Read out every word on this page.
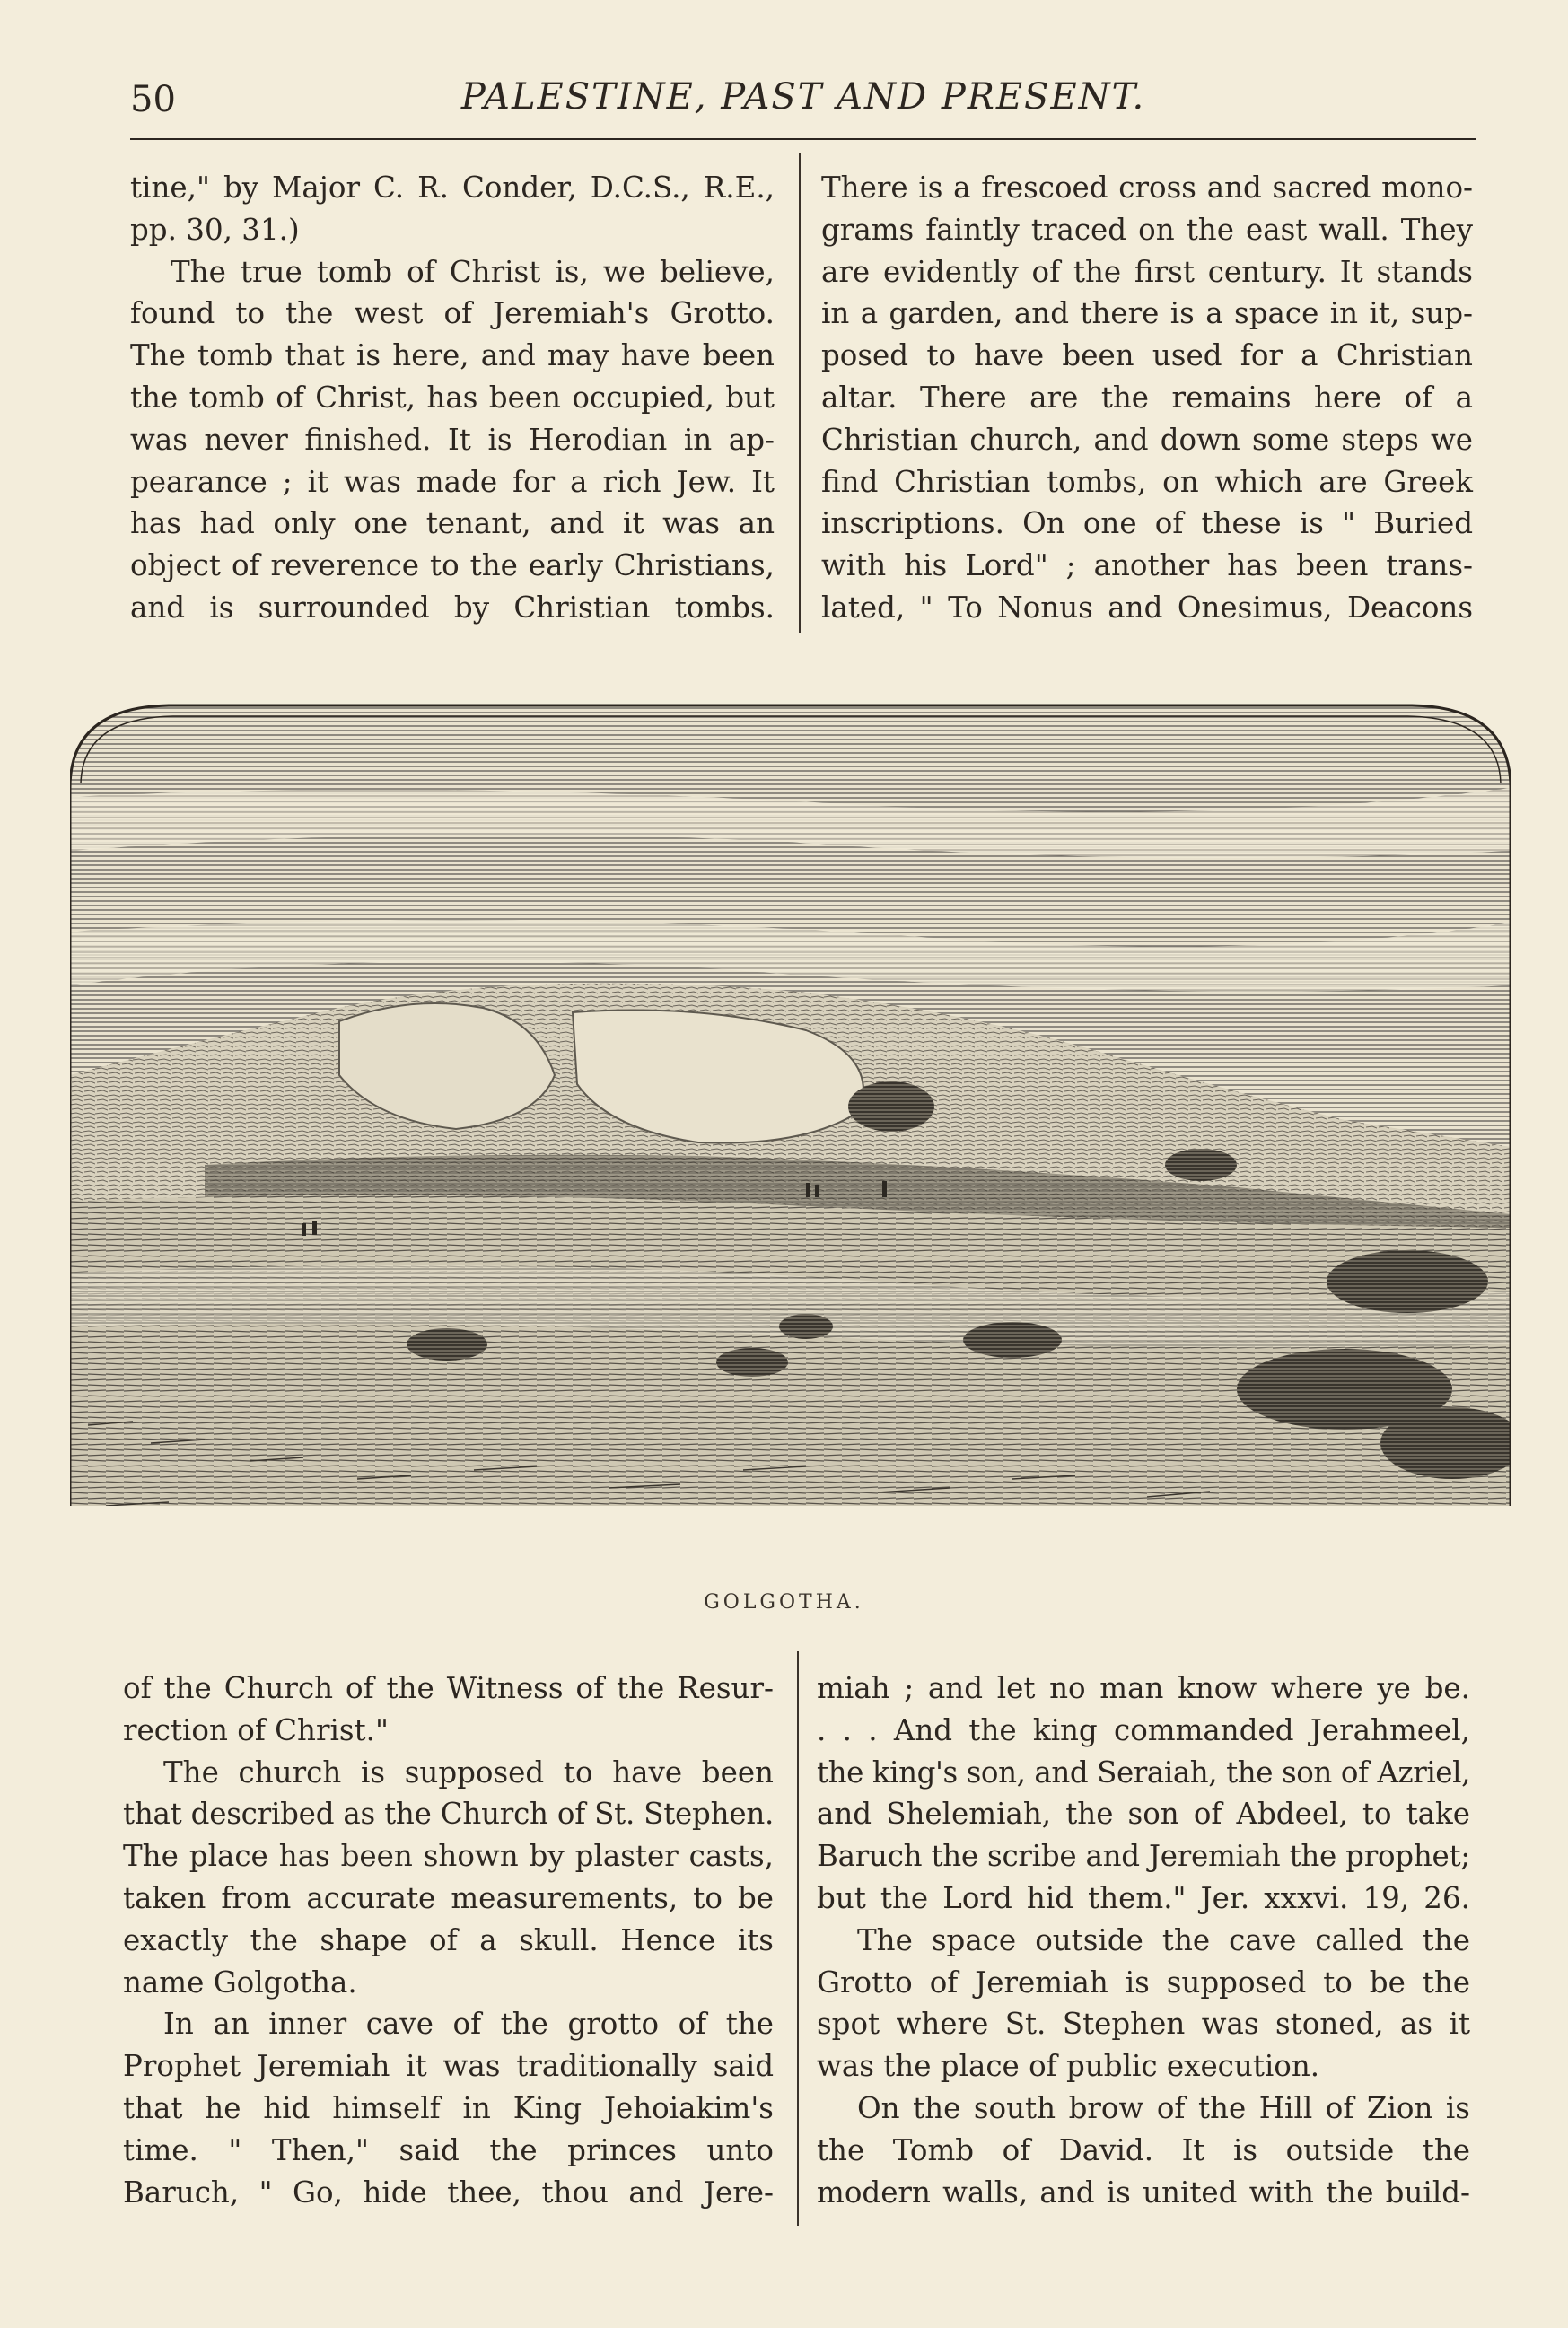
50	PALESTINE, PAST AND PRESENT.

tine," by Major C. R. Conder, D.C.S., R.E.,
pp. 30, 31.)

The true tomb of Christ is, we believe,
found to the west of Jeremiah's Grotto.
The tomb that is here, and may have been
the tomb of Christ, has been occupied, but
was never finished. It is Herodian in ap-
pearance ; it was made for a rich Jew. It
has had only one tenant, and it was an
object of reverence to the early Christians,
and is surrounded by Christian tombs.

There is a frescoed cross and sacred mono-
grams faintly traced on the east wall. They
are evidently of the first century. It stands
in a garden, and there is a space in it, sup-
posed to have been used for a Christian
altar. There are the remains here of a
Christian church, and down some steps we
find Christian tombs, on which are Greek
inscriptions. On one of these is " Buried
with his Lord" ; another has been trans-
lated, " To Nonus and Onesimus, Deacons

GOLGOTHA.

of the Church of the Witness of the Resur-
rection of Christ."

The church is supposed to have been
that described as the Church of St. Stephen.
The place has been shown by plaster casts,
taken from accurate measurements, to be
exactly the shape of a skull. Hence its
name Golgotha.

In an inner cave of the grotto of the
Prophet Jeremiah it was traditionally said
that he hid himself in King Jehoiakim's
time. " Then," said the princes unto
Baruch, " Go, hide thee, thou and Jere-

miah ; and let no man know where ye be.
. . . And the king commanded Jerahmeel,
the king's son, and Seraiah, the son of Azriel,
and Shelemiah, the son of Abdeel, to take
Baruch the scribe and Jeremiah the prophet;
but the Lord hid them." Jer. xxxvi. 19, 26.

The space outside the cave called the
Grotto of Jeremiah is supposed to be the
spot where St. Stephen was stoned, as it
was the place of public execution.

On the south brow of the Hill of Zion is
the Tomb of David. It is outside the
modern walls, and is united with the build-
